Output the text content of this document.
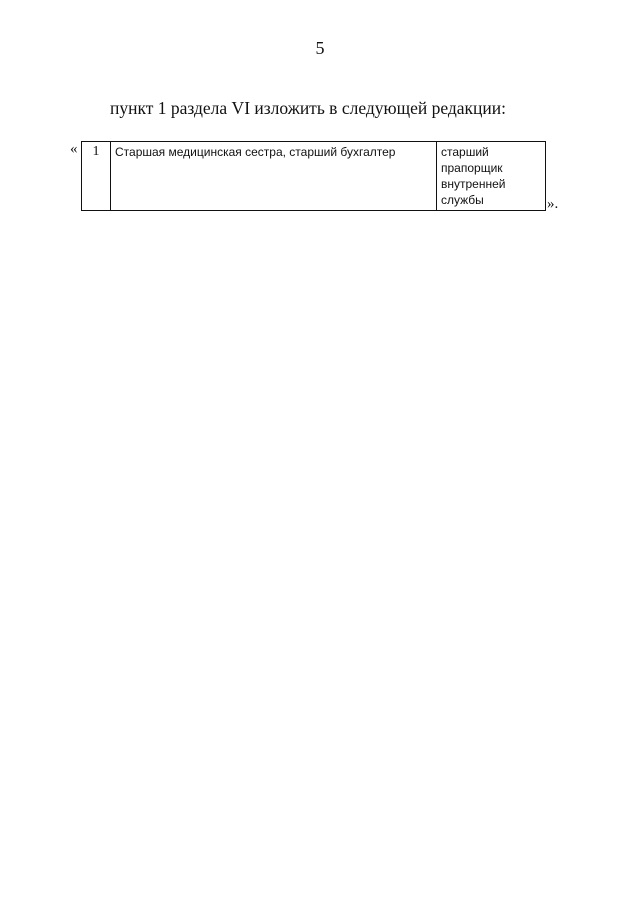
5
пункт 1 раздела VI изложить в следующей редакции:
« 1	Старшая медицинская сестра, старший бухгалтер	старший
прапорщик
внутренней
службы	».
